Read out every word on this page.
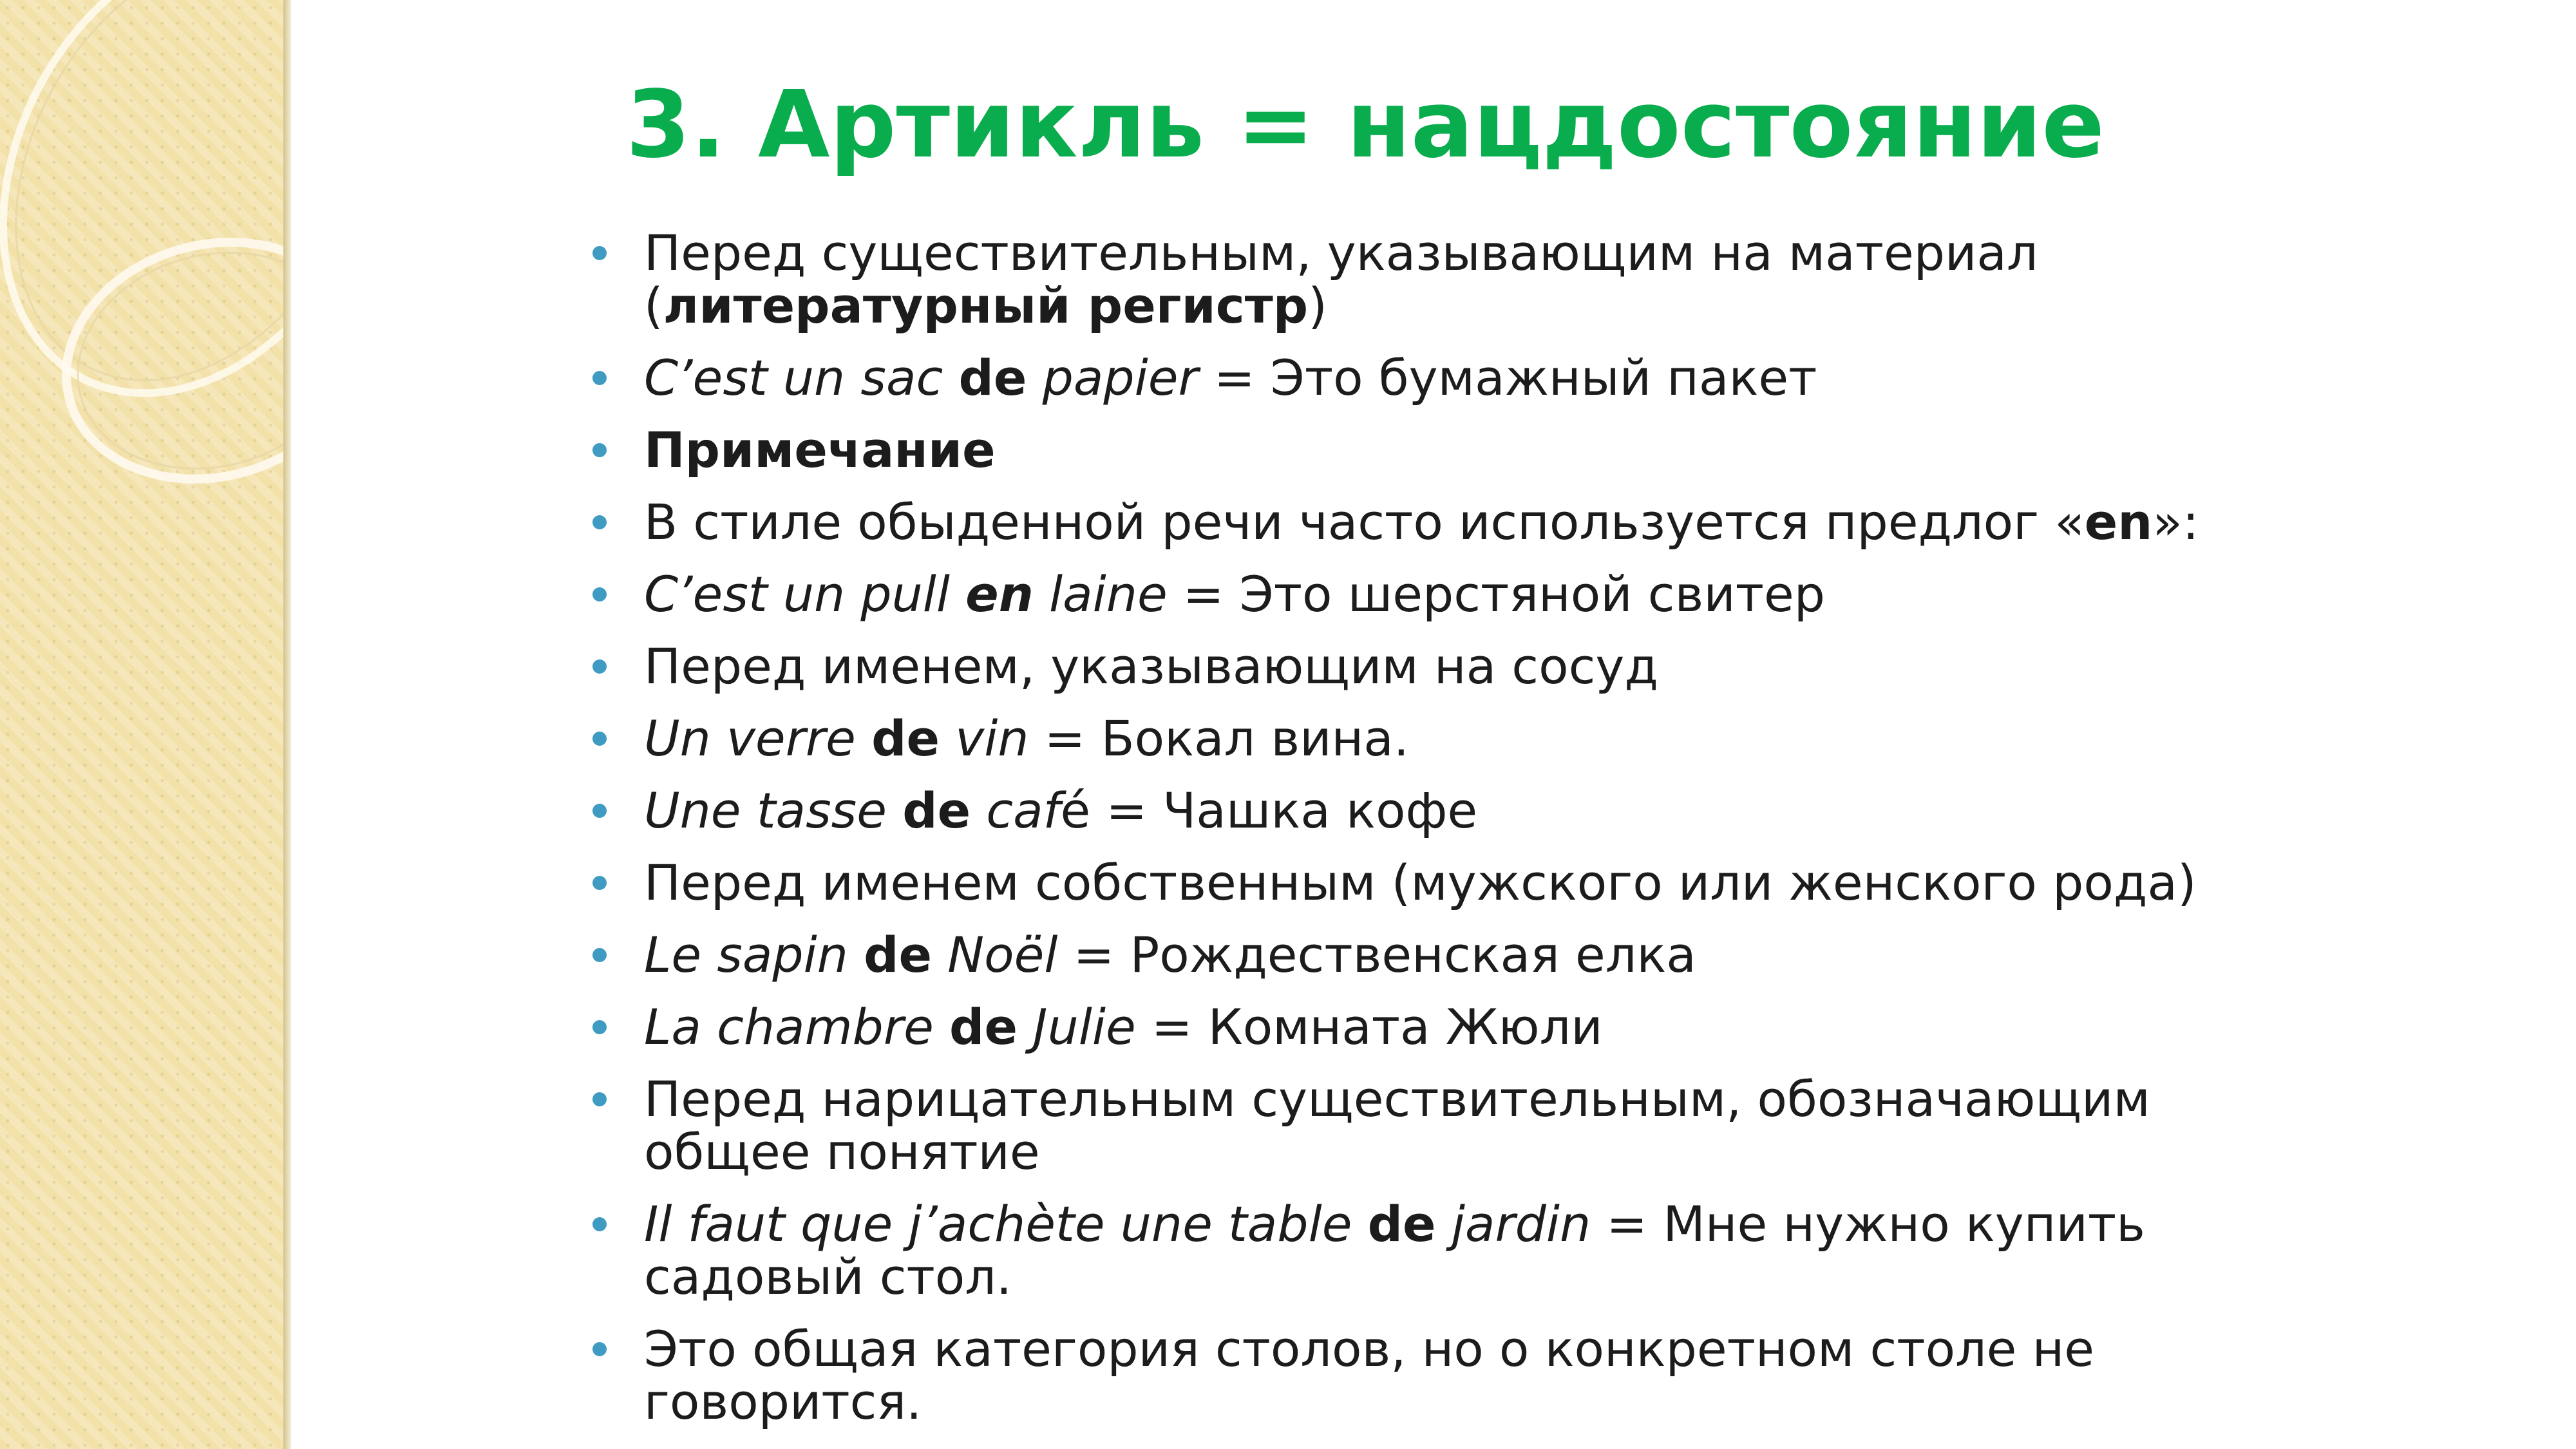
3. Артикль = нацдостояние
Перед существительным, указывающим на материал
(литературный регистр)
C’est un sac de papier = Это бумажный пакет
Примечание
В стиле обыденной речи часто используется предлог «en»:
C’est un pull en laine = Это шерстяной свитер
Перед именем, указывающим на сосуд
Un verre de vin = Бокал вина.
Une tasse de café = Чашка кофе
Перед именем собственным (мужского или женского рода)
Le sapin de Noël = Рождественская елка
La chambre de Julie = Комната Жюли
Перед нарицательным существительным, обозначающим общее понятие
Il faut que j’achète une table de jardin = Мне нужно купить садовый стол.
Это общая категория столов, но о конкретном столе не говорится.
